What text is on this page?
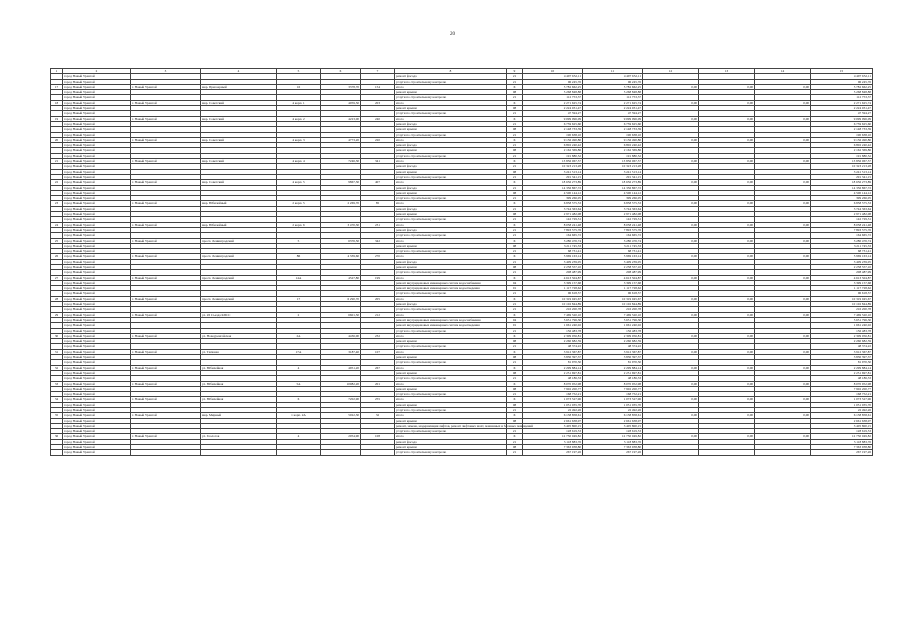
20
1	2	3	4	5	6	7	8	9	10	11	12	13	14	15
	город Новый Уренгой						ремонт фасада	21	4 497 652,11	4 497 652,11				4 497 652,11
	город Новый Уренгой						услуги по строительному контролю	21	96 245,76	96 245,76				96 245,76
17	город Новый Уренгой	г. Новый Уренгой	мкр. Приозерный	16	3378,70	154	итого	X	5 782 662,25	5 782 662,25	0,00	0,00	0,00	5 782 662,25
	город Новый Уренгой						ремонт крыши	08	5 268 848,88	5 268 848,88				5 268 848,88
	город Новый Уренгой						услуги по строительному контролю	21	112 753,37	112 753,37				112 753,37
18	город Новый Уренгой	г. Новый Уренгой	мкр. Советский	4 корп. 1	4059,50	203	итого	X	2 271 625,74	2 271 625,74	0,00	0,00	0,00	2 271 625,74
	город Новый Уренгой						ремонт крыши	08	2 224 031,47	2 224 031,47				2 224 031,47
	город Новый Уренгой						услуги по строительному контролю	21	47 594,27	47 594,27				47 594,27
19	город Новый Уренгой	г. Новый Уренгой	мкр. Советский	4 корп. 2	4223,00	240	итого	X	9 099 096,09	9 099 096,09	0,00	0,00	0,00	9 099 096,09
	город Новый Уренгой						ремонт фасада	21	6 759 625,60	6 759 625,60				6 759 625,60
	город Новый Уренгой						ремонт крыши	08	2 148 733,39	2 148 733,39				2 148 733,39
	город Новый Уренгой						услуги по строительному контролю	21	190 638,10	190 638,10				190 638,10
20	город Новый Уренгой	г. Новый Уренгой	мкр. Советский	4 корп. 3	4773,20	220	итого	X	9 156 490,80	9 156 490,80	0,00	0,00	0,00	9 156 490,80
	город Новый Уренгой						ремонт фасада	21	6 802 240,42	6 802 240,42				6 802 240,42
	город Новый Уренгой						ремонт крыши	08	2 162 369,86	2 162 369,86				2 162 369,86
	город Новый Уренгой						услуги по строительному контролю	21	191 880,52	191 880,52				191 880,52
21	город Новый Уренгой	г. Новый Уренгой	мкр. Советский	4 корп. 4	7246,30	341	итого	X	13 856 067,57	13 856 067,57	0,00	0,00	0,00	13 856 067,57
	город Новый Уренгой						ремонт фасада	21	10 323 213,28	10 323 213,28				10 323 213,28
	город Новый Уренгой						ремонт крыши	08	3 241 513,14	3 241 513,14				3 241 513,14
	город Новый Уренгой						услуги по строительному контролю	21	291 341,15	291 341,15				291 341,15
22	город Новый Уренгой	г. Новый Уренгой	мкр. Советский	4 корп. 5	9867,30	407	итого	X	18 656 273,89	18 656 273,89	0,00	0,00	0,00	18 656 273,89
	город Новый Уренгой						ремонт фасада	21	14 356 867,72	14 356 867,72				14 356 867,72
	город Новый Уренгой						ремонт крыши	08	4 500 144,12	4 500 144,12				4 500 144,12
	город Новый Уренгой						услуги по строительному контролю	21	399 266,05	399 266,05				399 266,05
23	город Новый Уренгой	г. Новый Уренгой	мкр. Юбилейный	2 корп. 5	2 269,70	85	итого	X	6 858 575,53	6 858 575,53	0,00	0,00	0,00	6 858 575,53
	город Новый Уренгой						ремонт фасада	21	3 744 363,64	3 744 363,64				3 744 363,64
	город Новый Уренгой						ремонт крыши	08	2 971 482,08	2 971 482,08				2 971 482,08
	город Новый Уренгой						услуги по строительному контролю	21	142 729,31	142 729,31				142 729,31
24	город Новый Уренгой	г. Новый Уренгой	мкр. Юбилейный	2 корп. 6	3 470,30	231	итого	X	8 058 241,48	8 058 241,48	0,00	0,00	0,00	8 058 241,48
	город Новый Уренгой						ремонт фасада	21	7 893 575,76	7 893 575,76				7 893 575,76
	город Новый Уренгой						услуги по строительному контролю	21	164 665,72	164 665,72				164 665,72
25	город Новый Уренгой	г. Новый Уренгой	просп. Ленинградский	5	6376,50	342	итого	X	3 280 476,74	3 280 476,74	0,00	0,00	0,00	3 280 476,74
	город Новый Уренгой						ремонт крыши	08	3 211 745,33	3 211 745,33				3 211 745,33
	город Новый Уренгой						услуги по строительному контролю	21	68 731,41	68 731,41				68 731,41
26	город Новый Уренгой	г. Новый Уренгой	просп. Ленинградский	8Б	4 339,60	270	итого	X	5 969 163,14	5 969 163,14	0,00	0,00	0,00	5 969 163,14
	город Новый Уренгой						ремонт фасада	21	3 409 239,05	3 409 239,05				3 409 239,05
	город Новый Уренгой						ремонт крыши	08	2 258 557,10	2 258 557,10				2 258 557,10
	город Новый Уренгой						услуги по строительному контролю	21	208 487,99	208 487,99				208 487,99
27	город Новый Уренгой	г. Новый Уренгой	просп. Ленинградский	14А	4527,80	199	итого	X	4 613 504,87	4 613 504,87	0,00	0,00	0,00	4 613 504,87
	город Новый Уренгой						ремонт внутридомовых инженерных систем водоснабжения	04	3 399 157,68	3 399 157,68				3 399 157,68
	город Новый Уренгой						ремонт внутридомовых инженерных систем водоотведения	01	1 117 728,62	1 117 728,62				1 117 728,62
	город Новый Уренгой						услуги по строительному контролю	21	96 618,57	96 618,57				96 618,57
28	город Новый Уренгой	г. Новый Уренгой	просп. Ленинградский	17	6 290,70	205	итого	X	10 319 045,67	10 319 045,67	0,00	0,00	0,00	10 319 045,67
	город Новый Уренгой						ремонт фасада	21	10 102 844,89	10 102 844,89				10 102 844,89
	город Новый Уренгой						услуги по строительному контролю	21	216 200,78	216 200,78				216 200,78
29	город Новый Уренгой	г. Новый Уренгой	ул. 26 Съезда КПСС	2	6601,50	212	итого	X	7 469 520,10	7 469 520,10	0,00	0,00	0,00	7 469 520,10
	город Новый Уренгой						ремонт внутридомовых инженерных систем водоснабжения	04	5 651 796,30	5 651 796,30				5 651 796,30
	город Новый Уренгой						ремонт внутридомовых инженерных систем водоотведения	01	1 661 240,02	1 661 240,02				1 661 240,02
	город Новый Уренгой						услуги по строительному контролю	21	156 483,78	156 483,78				156 483,78
30	город Новый Уренгой	г. Новый Уренгой	ул. Новоуренгойская	2А	4436,00	232	итого	X	2 309 056,81	2 309 056,81	0,00	0,00	0,00	2 309 056,81
	город Новый Уренгой						ремонт крыши	08	2 260 682,59	2 260 682,59				2 260 682,59
	город Новый Уренгой						услуги по строительному контролю	21	48 374,22	48 374,22				48 374,22
31	город Новый Уренгой	г. Новый Уренгой	ул. Таёжная	17А	3187,40	107	итого	X	3 912 367,87	3 912 367,87	0,00	0,00	0,00	3 912 367,87
	город Новый Уренгой						ремонт крыши	08	3 830 397,37	3 830 397,37				3 830 397,37
	город Новый Уренгой						услуги по строительному контролю	21	81 970,50	81 970,50				81 970,50
32	город Новый Уренгой	г. Новый Уренгой	ул. Юбилейная	4	4951,20	267	итого	X	2 299 884,14	2 299 884,14	0,00	0,00	0,00	2 299 884,14
	город Новый Уренгой						ремонт крыши	08	2 251 697,81	2 251 697,81				2 251 697,81
	город Новый Уренгой						услуги по строительному контролю	21	48 186,33	48 186,33				48 186,33
33	город Новый Уренгой	г. Новый Уренгой	ул. Юбилейная	5А	10082,20	201	итого	X	8 070 952,98	8 070 952,98	0,00	0,00	0,00	8 070 952,98
	город Новый Уренгой						ремонт крыши	08	7 902 200,77	7 902 200,77				7 902 200,77
	город Новый Уренгой						услуги по строительному контролю	21	168 752,21	168 752,21				168 752,21
34	город Новый Уренгой	г. Новый Уренгой	ул. Юбилейная	6	7202,90	255	итого	X	1 073 527,96	1 073 527,96	0,00	0,00	0,00	1 073 527,96
	город Новый Уренгой						ремонт крыши	08	1 051 035,70	1 051 035,70				1 051 035,70
	город Новый Уренгой						услуги по строительному контролю	21	22 492,26	22 492,26				22 492,26
35	город Новый Уренгой	г. Новый Уренгой	мкр. Мирный	1 корп. 2А	5022,30	32	итого	X	6 138 858,61	6 138 858,61	0,00	0,00	0,00	6 138 858,61
	город Новый Уренгой						ремонт крыши	08	2 661 638,07	2 661 638,07				2 661 638,07
	город Новый Уренгой						ремонт, замена, модернизация лифтов, ремонт лифтовых шахт, машинных и блочных помещений		3 405 800,15	3 405 800,15				3 405 800,15
	город Новый Уренгой						услуги по строительному контролю	21	128 619,53	128 619,53				128 619,53
36	город Новый Уренгой	г. Новый Уренгой	ул. Геологов	4	2054,90	108	итого	X	12 750 049,82	12 750 049,82	0,00	0,00	0,00	12 750 049,82
	город Новый Уренгой						ремонт фасада	21	5 118 883,76	5 118 883,76				5 118 883,76
	город Новый Уренгой						ремонт крыши	08	7 363 938,80	7 363 938,80				7 363 938,80
	город Новый Уренгой						услуги по строительному контролю	21	267 197,26	267 197,26				267 197,26
